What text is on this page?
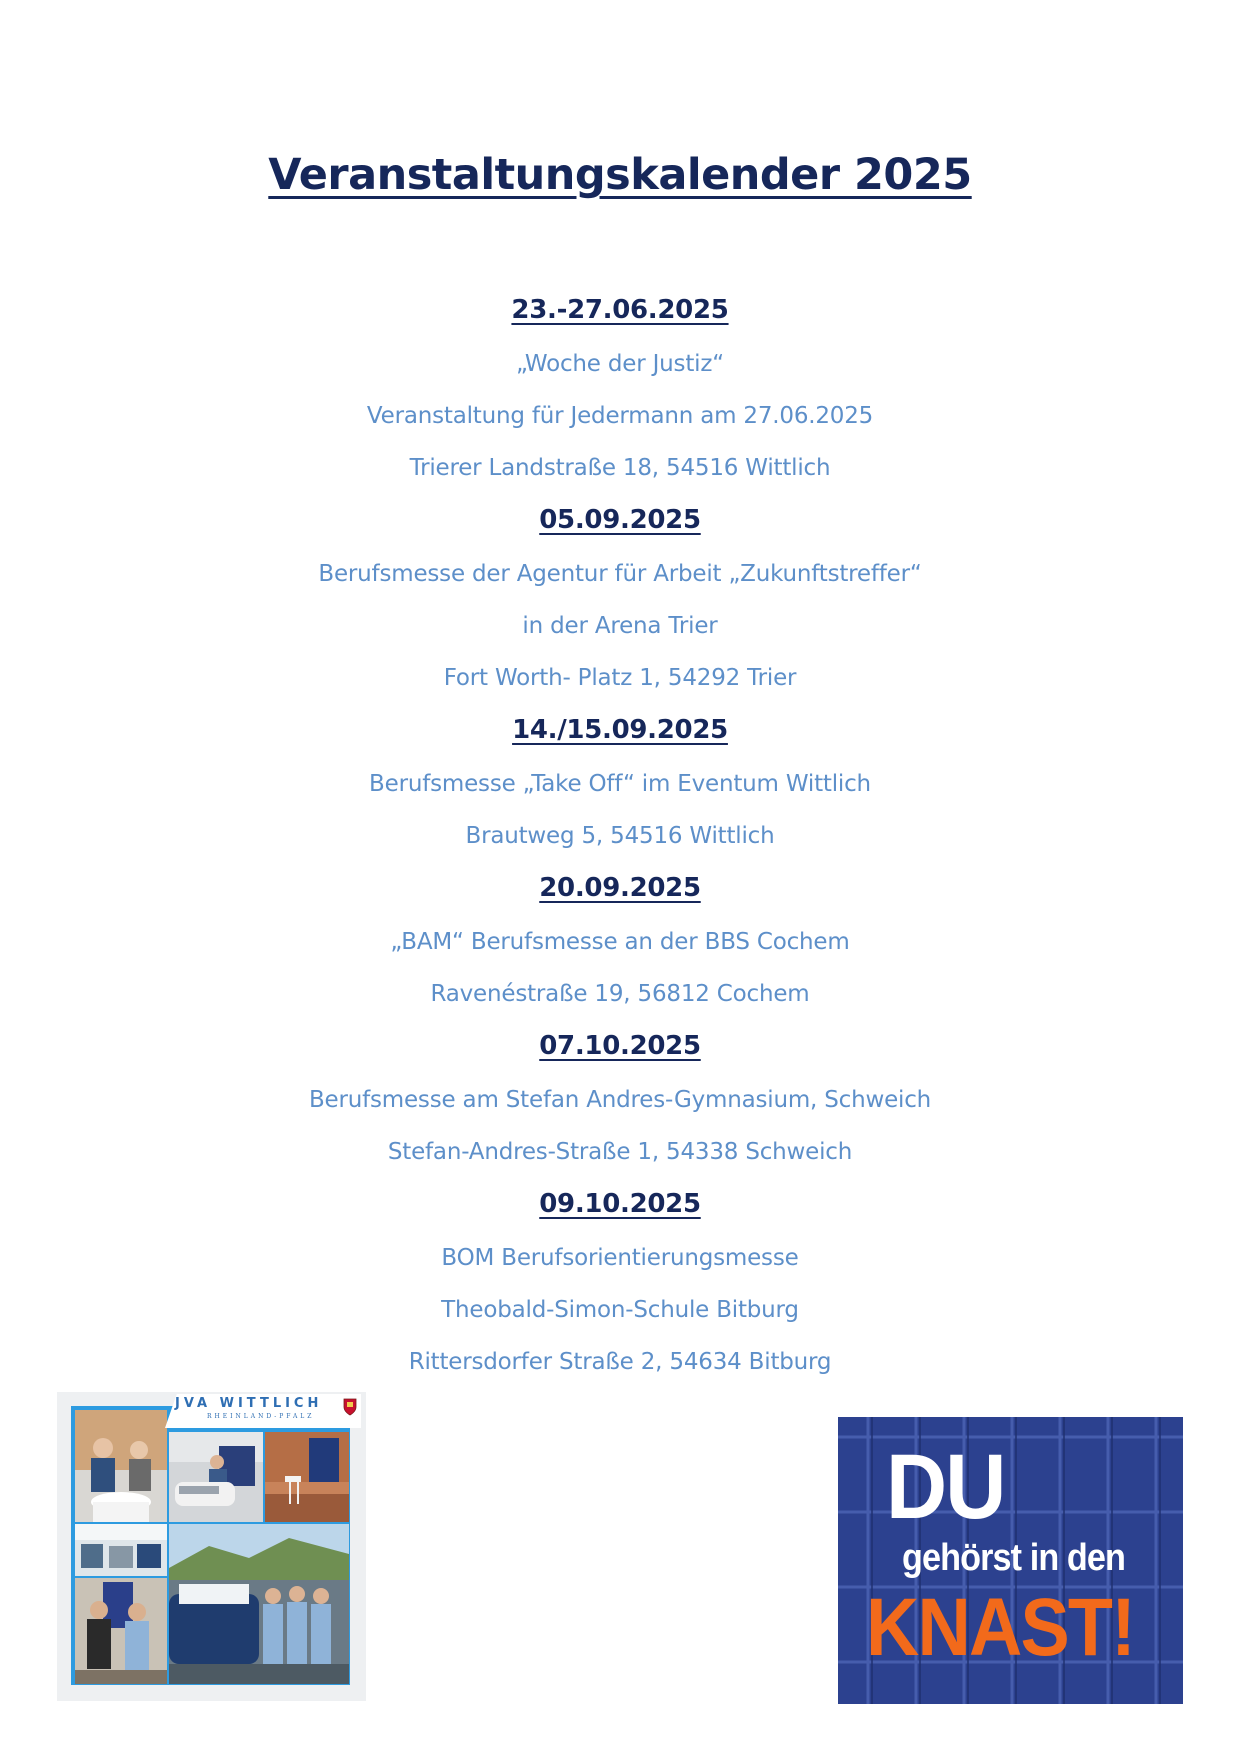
Veranstaltungskalender 2025
23.-27.06.2025
„Woche der Justiz“
Veranstaltung für Jedermann am 27.06.2025
Trierer Landstraße 18, 54516 Wittlich
05.09.2025
Berufsmesse der Agentur für Arbeit „Zukunftstreffer“
in der Arena Trier
Fort Worth- Platz 1, 54292 Trier
14./15.09.2025
Berufsmesse „Take Off“ im Eventum Wittlich
Brautweg 5, 54516 Wittlich
20.09.2025
„BAM“ Berufsmesse an der BBS Cochem
Ravenéstraße 19, 56812 Cochem
07.10.2025
Berufsmesse am Stefan Andres-Gymnasium, Schweich
Stefan-Andres-Straße 1, 54338 Schweich
09.10.2025
BOM Berufsorientierungsmesse
Theobald-Simon-Schule Bitburg
Rittersdorfer Straße 2, 54634 Bitburg
JVA WITTLICH
RHEINLAND-PFALZ
DU
gehörst in den
KNAST!
